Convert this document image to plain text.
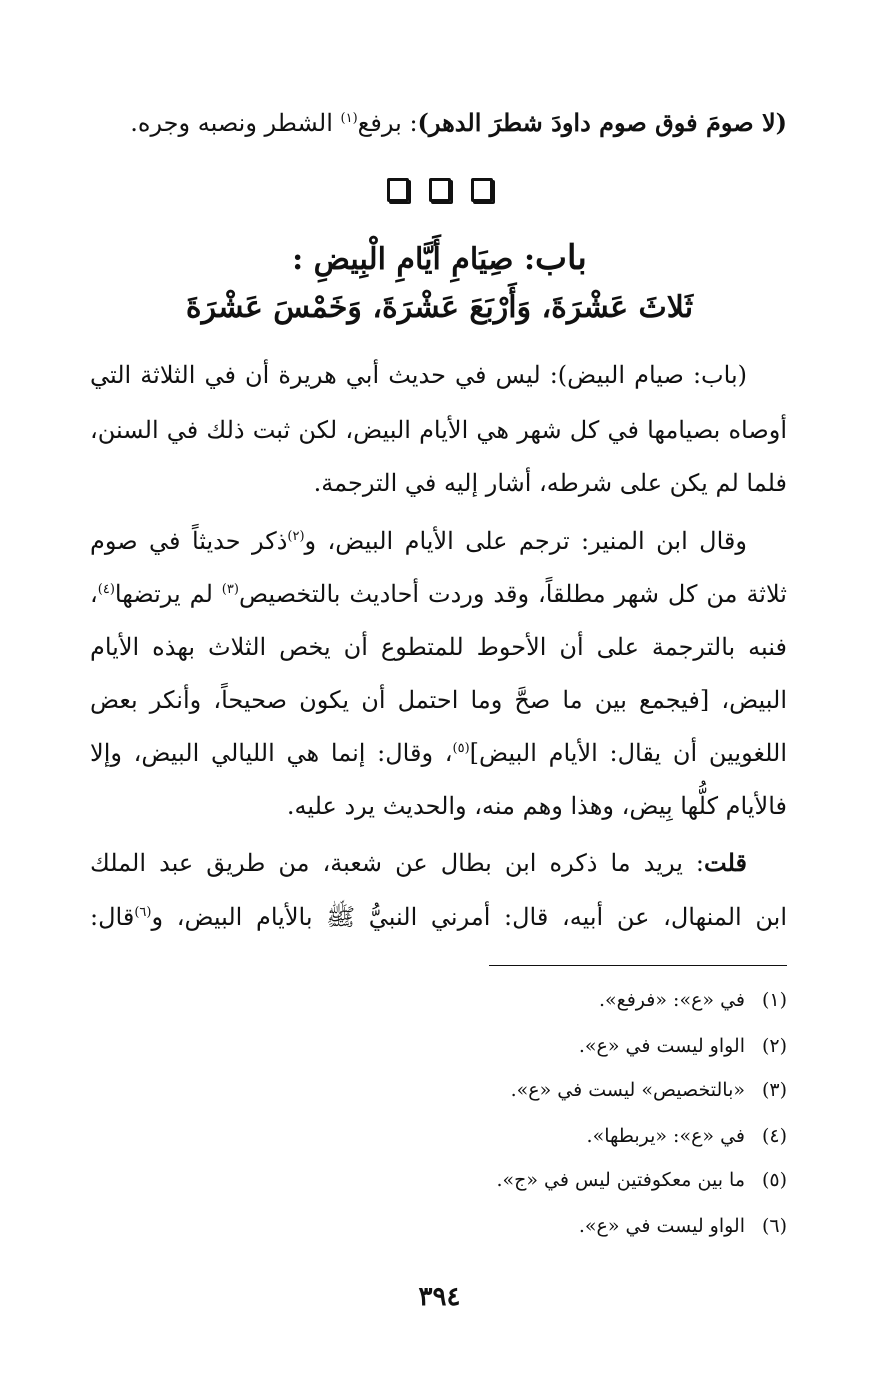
(لا صومَ فوق صوم داودَ شطرَ الدهر): برفع$^{(١)}$ الشطر ونصبه وجره.
باب: صِيَامِ أَيَّامِ الْبِيضِ :
ثَلاثَ عَشْرَةَ، وَأَرْبَعَ عَشْرَةَ، وَخَمْسَ عَشْرَةَ
(باب: صيام البيض): ليس في حديث أبي هريرة أن في الثلاثة التي
أوصاه بصيامها في كل شهر هي الأيام البيض، لكن ثبت ذلك في السنن،
فلما لم يكن على شرطه، أشار إليه في الترجمة.
وقال ابن المنير: ترجم على الأيام البيض، و$^{(٢)}$ذكر حديثاً في صوم
ثلاثة من كل شهر مطلقاً، وقد وردت أحاديث بالتخصيص$^{(٣)}$ لم يرتضها$^{(٤)}$،
فنبه بالترجمة على أن الأحوط للمتطوع أن يخص الثلاث بهذه الأيام
البيض، [فيجمع بين ما صحَّ وما احتمل أن يكون صحيحاً، وأنكر بعض
اللغويين أن يقال: الأيام البيض]$^{(٥)}$، وقال: إنما هي الليالي البيض، وإلا
فالأيام كلُّها بِيض، وهذا وهم منه، والحديث يرد عليه.
قلت: يريد ما ذكره ابن بطال عن شعبة، من طريق عبد الملك
ابن المنهال، عن أبيه، قال: أمرني النبيُّ ﷺ بالأيام البيض، و$^{(٦)}$قال:
(١)في «ع»: «فرفع».
(٢)الواو ليست في «ع».
(٣)«بالتخصيص» ليست في «ع».
(٤)في «ع»: «يربطها».
(٥)ما بين معكوفتين ليس في «ج».
(٦)الواو ليست في «ع».
٣٩٤
